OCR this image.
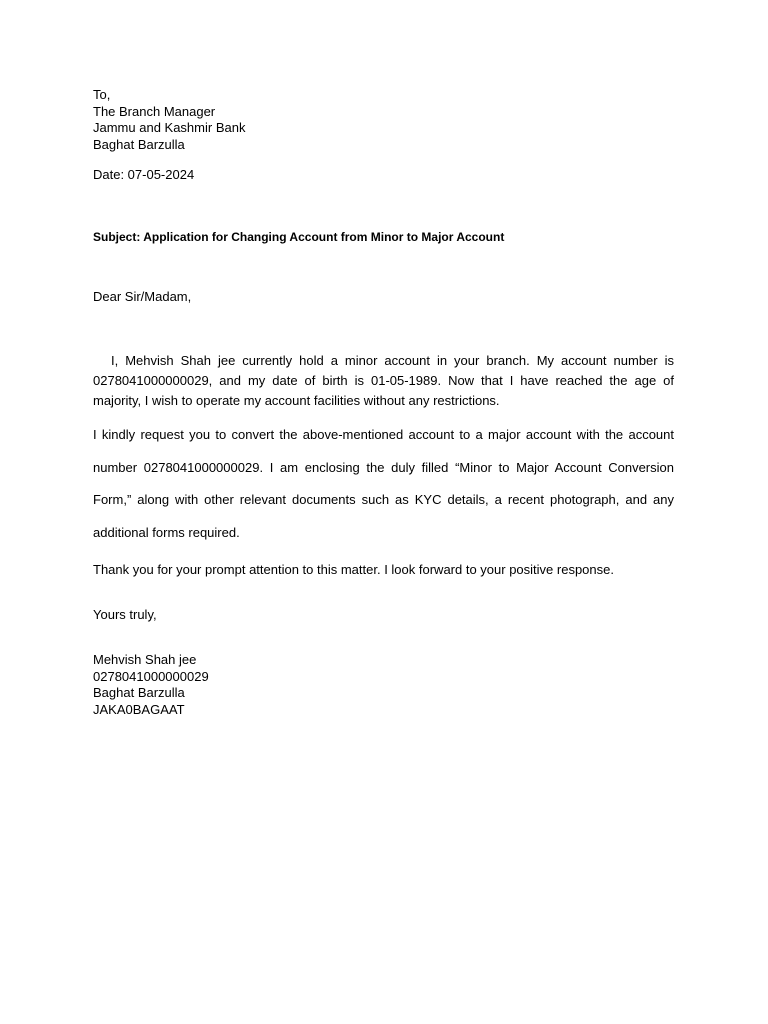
To,
The Branch Manager
Jammu and Kashmir Bank
Baghat Barzulla
Date: 07-05-2024
Subject: Application for Changing Account from Minor to Major Account
Dear Sir/Madam,
I, Mehvish Shah jee currently hold a minor account in your branch. My account number is 0278041000000029, and my date of birth is 01-05-1989. Now that I have reached the age of majority, I wish to operate my account facilities without any restrictions.
I kindly request you to convert the above-mentioned account to a major account with the account number 0278041000000029. I am enclosing the duly filled “Minor to Major Account Conversion Form,” along with other relevant documents such as KYC details, a recent photograph, and any additional forms required.
Thank you for your prompt attention to this matter. I look forward to your positive response.
Yours truly,
Mehvish Shah jee
0278041000000029
Baghat Barzulla
JAKA0BAGAAT
